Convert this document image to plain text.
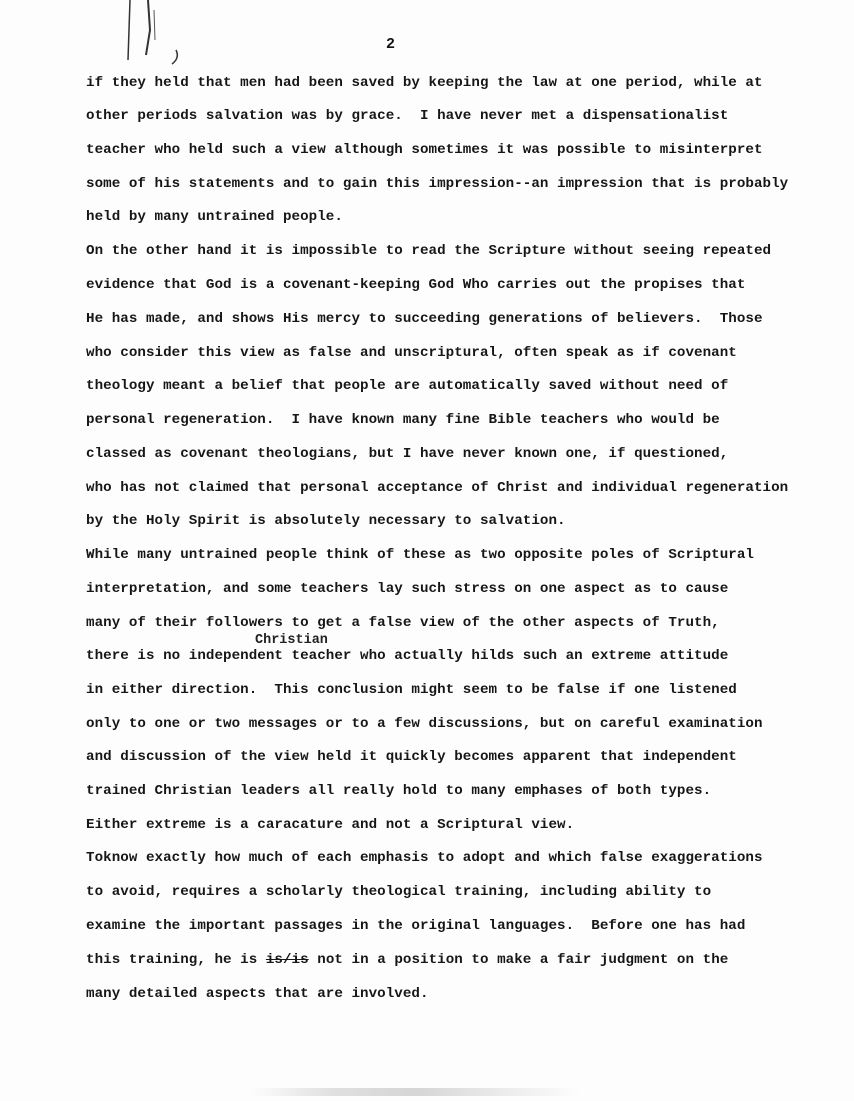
2
if they held that men had been saved by keeping the law at one period, while at
other periods salvation was by grace.  I have never met a dispensationalist
teacher who held such a view although sometimes it was possible to misinterpret
some of his statements and to gain this impression--an impression that is probably
held by many untrained people.
On the other hand it is impossible to read the Scripture without seeing repeated
evidence that God is a covenant-keeping God Who carries out the propises that
He has made, and shows His mercy to succeeding generations of believers.  Those
who consider this view as false and unscriptural, often speak as if covenant
theology meant a belief that people are automatically saved without need of
personal regeneration.  I have known many fine Bible teachers who would be
classed as covenant theologians, but I have never known one, if questioned,
who has not claimed that personal acceptance of Christ and individual regeneration
by the Holy Spirit is absolutely necessary to salvation.
While many untrained people think of these as two opposite poles of Scriptural
interpretation, and some teachers lay such stress on one aspect as to cause
many of their followers to get a false view of the other aspects of Truth,
there is no independent teacher who actually hilds such an extreme attitude
in either direction.  This conclusion might seem to be false if one listened
only to one or two messages or to a few discussions, but on careful examination
and discussion of the view held it quickly becomes apparent that independent
trained Christian leaders all really hold to many emphases of both types.
Either extreme is a caracature and not a Scriptural view.
Toknow exactly how much of each emphasis to adopt and which false exaggerations
to avoid, requires a scholarly theological training, including ability to
examine the important passages in the original languages.  Before one has had
this training, he is is/is not in a position to make a fair judgment on the
many detailed aspects that are involved.
Christian
